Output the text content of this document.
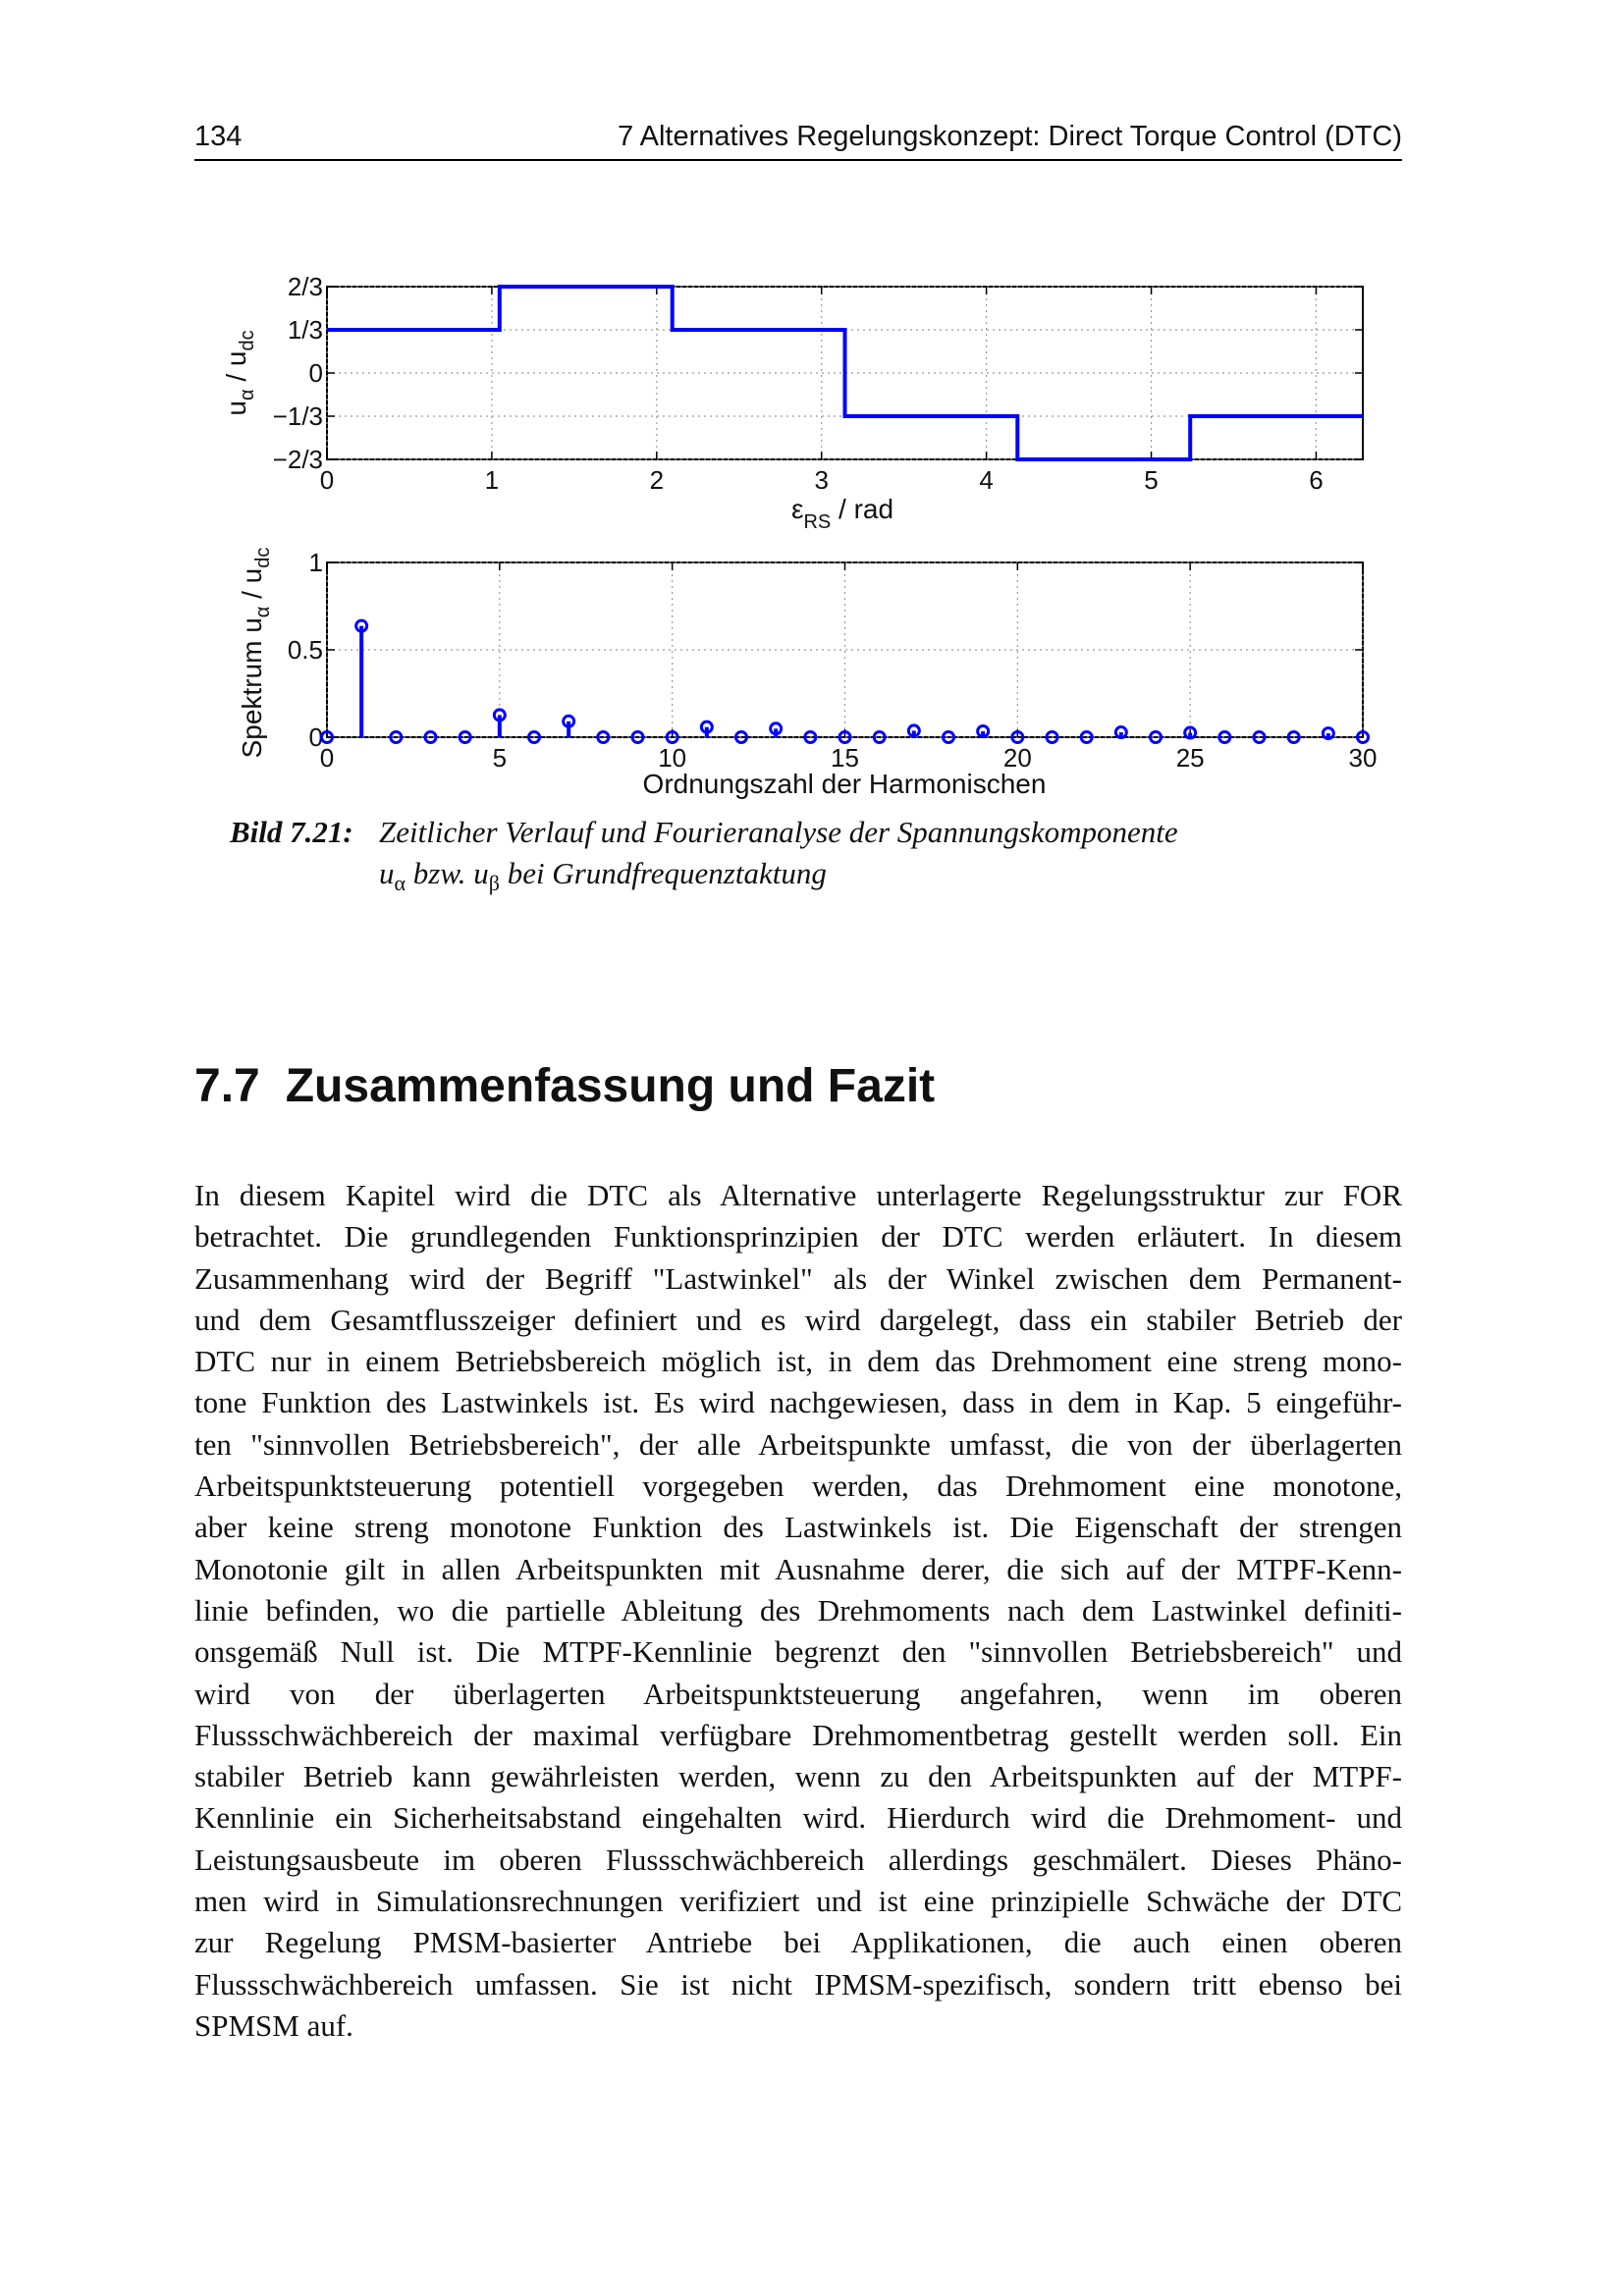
134	7 Alternatives Regelungskonzept: Direct Torque Control (DTC)
0	1	2	3	4	5	6
2/3
1/3
0
−1/3
−2/3
$u_\alpha / u_{dc}$
$\varepsilon_{RS}$ / rad
0	5	10	15	20	25	30
0
0.5
1
Spektrum $u_\alpha / u_{dc}$
Ordnungszahl der Harmonischen
Bild 7.21: Zeitlicher Verlauf und Fourieranalyse der Spannungskomponente
$u_\alpha$ bzw. $u_\beta$ bei Grundfrequenztaktung
7.7 Zusammenfassung und Fazit
In diesem Kapitel wird die DTC als Alternative unterlagerte Regelungsstruktur zur FOR
betrachtet. Die grundlegenden Funktionsprinzipien der DTC werden erläutert. In diesem
Zusammenhang wird der Begriff "Lastwinkel" als der Winkel zwischen dem Permanent-
und dem Gesamtflusszeiger definiert und es wird dargelegt, dass ein stabiler Betrieb der
DTC nur in einem Betriebsbereich möglich ist, in dem das Drehmoment eine streng mono-
tone Funktion des Lastwinkels ist. Es wird nachgewiesen, dass in dem in Kap. 5 eingeführ-
ten "sinnvollen Betriebsbereich", der alle Arbeitspunkte umfasst, die von der überlagerten
Arbeitspunktsteuerung potentiell vorgegeben werden, das Drehmoment eine monotone,
aber keine streng monotone Funktion des Lastwinkels ist. Die Eigenschaft der strengen
Monotonie gilt in allen Arbeitspunkten mit Ausnahme derer, die sich auf der MTPF-Kenn-
linie befinden, wo die partielle Ableitung des Drehmoments nach dem Lastwinkel definiti-
onsgemäß Null ist. Die MTPF-Kennlinie begrenzt den "sinnvollen Betriebsbereich" und
wird von der überlagerten Arbeitspunktsteuerung angefahren, wenn im oberen
Flussschwächbereich der maximal verfügbare Drehmomentbetrag gestellt werden soll. Ein
stabiler Betrieb kann gewährleisten werden, wenn zu den Arbeitspunkten auf der MTPF-
Kennlinie ein Sicherheitsabstand eingehalten wird. Hierdurch wird die Drehmoment- und
Leistungsausbeute im oberen Flussschwächbereich allerdings geschmälert. Dieses Phäno-
men wird in Simulationsrechnungen verifiziert und ist eine prinzipielle Schwäche der DTC
zur Regelung PMSM-basierter Antriebe bei Applikationen, die auch einen oberen
Flussschwächbereich umfassen. Sie ist nicht IPMSM-spezifisch, sondern tritt ebenso bei
SPMSM auf.
